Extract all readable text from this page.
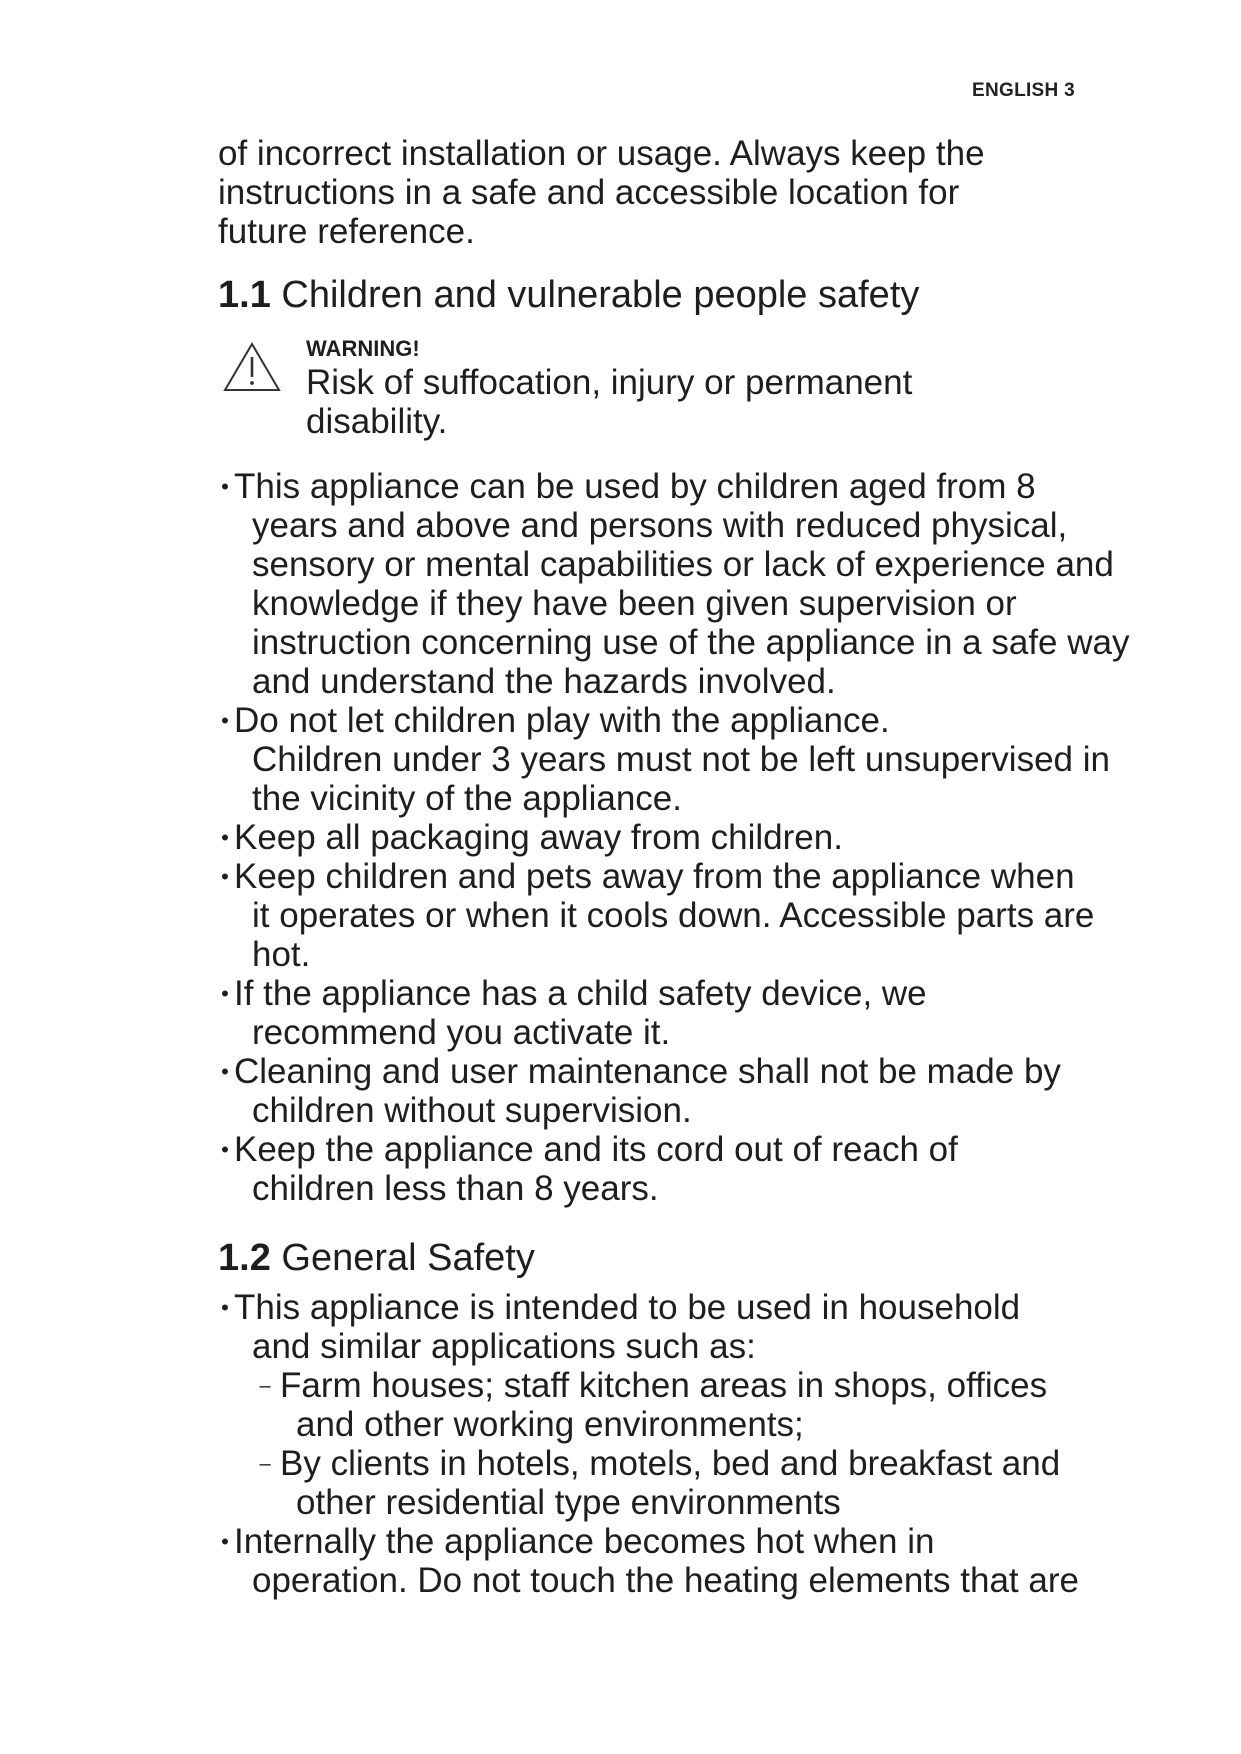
ENGLISH 3

of incorrect installation or usage. Always keep the instructions in a safe and accessible location for future reference.

1.1 Children and vulnerable people safety
WARNING!
Risk of suffocation, injury or permanent disability.
• This appliance can be used by children aged from 8
years and above and persons with reduced physical, sensory or mental capabilities or lack of experience and knowledge if they have been given supervision or instruction concerning use of the appliance in a safe way and understand the hazards involved.
• Do not let children play with the appliance.
Children under 3 years must not be left unsupervised in the vicinity of the appliance.
• Keep all packaging away from children.
• Keep children and pets away from the appliance when
it operates or when it cools down. Accessible parts are hot.
• If the appliance has a child safety device, we
recommend you activate it.
• Cleaning and user maintenance shall not be made by
children without supervision.
• Keep the appliance and its cord out of reach of
children less than 8 years.
1.2 General Safety
• This appliance is intended to be used in household
and similar applications such as:
– Farm houses; staff kitchen areas in shops, offices
and other working environments;
– By clients in hotels, motels, bed and breakfast and
other residential type environments
• Internally the appliance becomes hot when in
operation. Do not touch the heating elements that are
